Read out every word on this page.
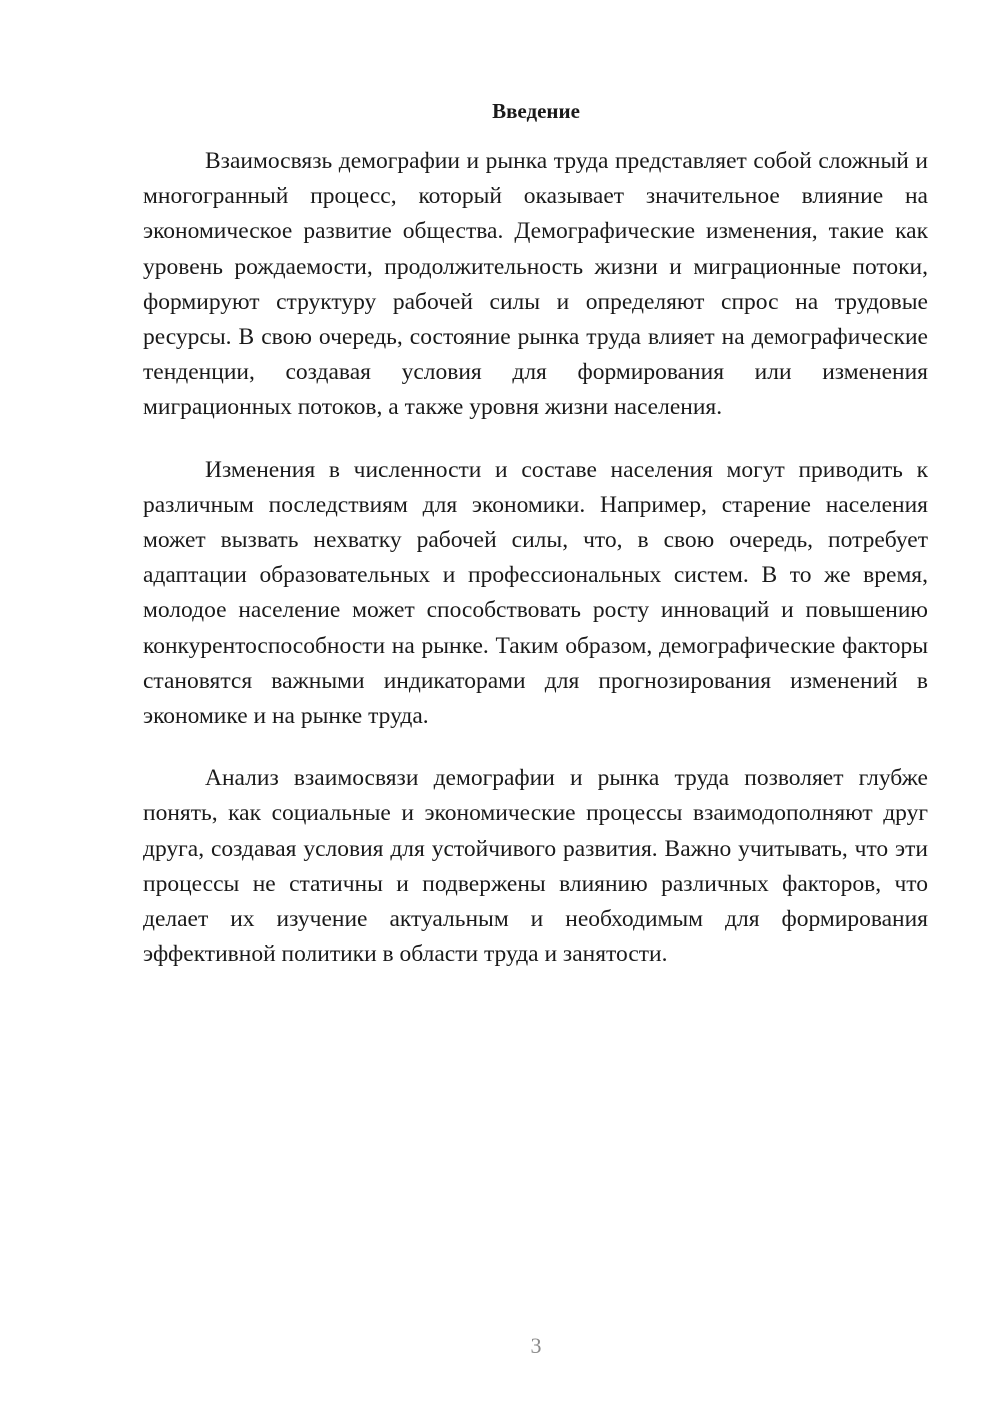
Введение

Взаимосвязь демографии и рынка труда представляет собой сложный и многогранный процесс, который оказывает значительное влияние на экономическое развитие общества. Демографические изменения, такие как уровень рождаемости, продолжительность жизни и миграционные потоки, формируют структуру рабочей силы и определяют спрос на трудовые ресурсы. В свою очередь, состояние рынка труда влияет на демографические тенденции, создавая условия для формирования или изменения миграционных потоков, а также уровня жизни населения.

Изменения в численности и составе населения могут приводить к различным последствиям для экономики. Например, старение населения может вызвать нехватку рабочей силы, что, в свою очередь, потребует адаптации образовательных и профессиональных систем. В то же время, молодое население может способствовать росту инноваций и повышению конкурентоспособности на рынке. Таким образом, демографические факторы становятся важными индикаторами для прогнозирования изменений в экономике и на рынке труда.

Анализ взаимосвязи демографии и рынка труда позволяет глубже понять, как социальные и экономические процессы взаимодополняют друг друга, создавая условия для устойчивого развития. Важно учитывать, что эти процессы не статичны и подвержены влиянию различных факторов, что делает их изучение актуальным и необходимым для формирования эффективной политики в области труда и занятости.

3
